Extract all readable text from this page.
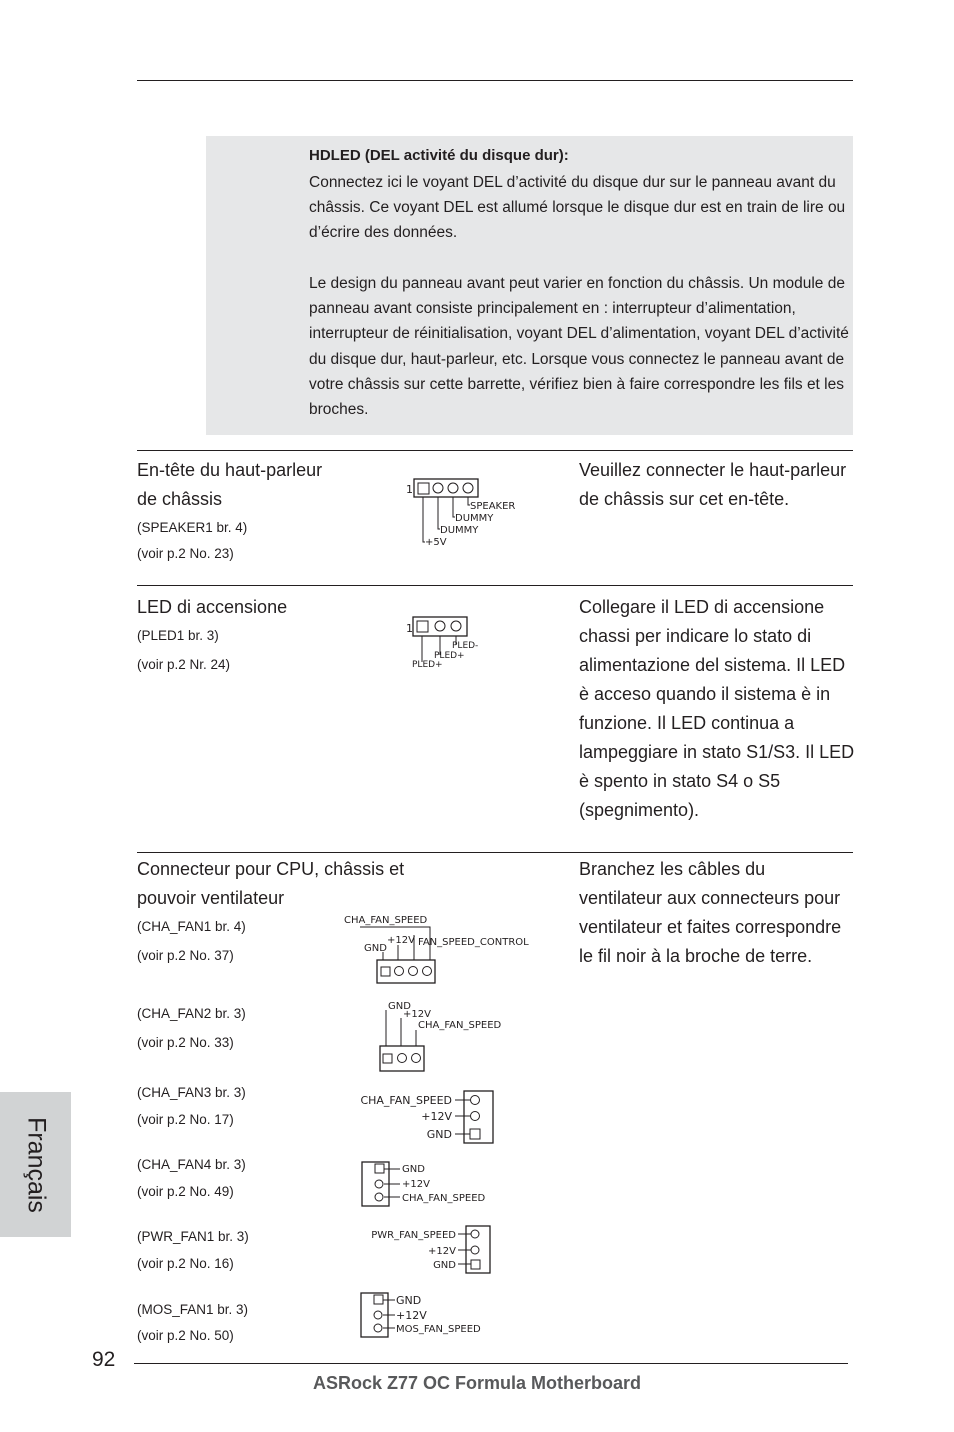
HDLED (DEL activité du disque dur):
Connectez ici le voyant DEL d’activité du disque dur sur le panneau avant du châssis. Ce voyant DEL est allumé lorsque le disque dur est en train de lire ou d’écrire des données.
Le design du panneau avant peut varier en fonction du châssis. Un module de panneau avant consiste principalement en : interrupteur d’alimentation, interrupteur de réinitialisation, voyant DEL d’alimentation, voyant DEL d’activité du disque dur, haut-parleur, etc. Lorsque vous connectez le panneau avant de votre châssis sur cette barrette, vérifiez bien à faire correspondre les fils et les broches.
En-tête du haut-parleur
de châssis
(SPEAKER1 br. 4)
(voir p.2 No. 23)
Veuillez connecter le haut-parleur de châssis sur cet en-tête.
1
SPEAKER
DUMMY
DUMMY
+5V
LED di accensione
(PLED1 br. 3)
(voir p.2 Nr. 24)
Collegare il LED di accensione chassi per indicare lo stato di alimentazione del sistema. Il LED è acceso quando il sistema è in funzione. Il LED continua a lampeggiare in stato S1/S3. Il LED è spento in stato S4 o S5 (spegnimento).
1
PLED-
PLED+
PLED+
Connecteur pour CPU, châssis et
pouvoir ventilateur
Branchez les câbles du ventilateur aux connecteurs pour ventilateur et faites correspondre le fil noir à la broche de terre.
(CHA_FAN1 br. 4)
(voir p.2 No. 37)
(CHA_FAN2 br. 3)
(voir p.2 No. 33)
(CHA_FAN3 br. 3)
(voir p.2 No. 17)
(CHA_FAN4 br. 3)
(voir p.2 No. 49)
(PWR_FAN1 br. 3)
(voir p.2 No. 16)
(MOS_FAN1 br. 3)
(voir p.2 No. 50)
CHA_FAN_SPEED
GND
+12V FAN_SPEED_CONTROL
GND
+12V
CHA_FAN_SPEED
CHA_FAN_SPEED
+12V
GND
GND
+12V
CHA_FAN_SPEED
PWR_FAN_SPEED
+12V
GND
GND
+12V
MOS_FAN_SPEED
Français
92
ASRock Z77 OC Formula Motherboard
